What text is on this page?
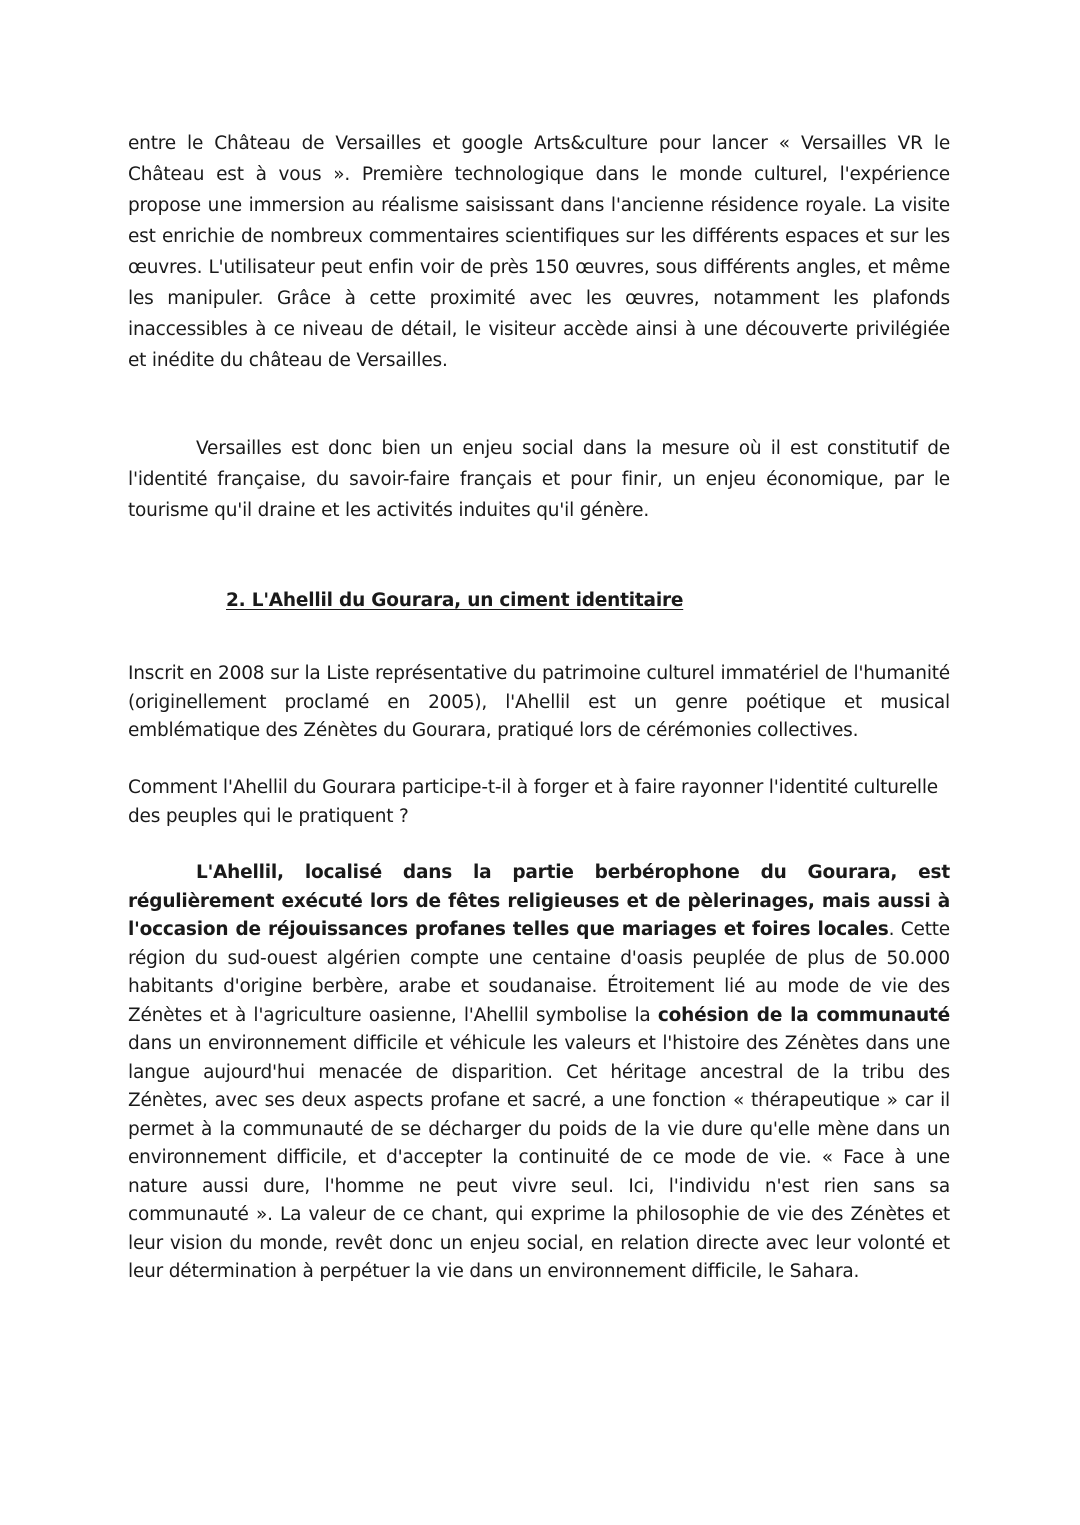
entre le Château de Versailles et google Arts&culture pour lancer « Versailles VR le Château est à vous ». Première technologique dans le monde culturel, l'expérience propose une immersion au réalisme saisissant dans l'ancienne résidence royale. La visite est enrichie de nombreux commentaires scientifiques sur les différents espaces et sur les œuvres. L'utilisateur peut enfin voir de près 150 œuvres, sous différents angles, et même les manipuler. Grâce à cette proximité avec les œuvres, notamment les plafonds inaccessibles à ce niveau de détail, le visiteur accède ainsi à une découverte privilégiée et inédite du château de Versailles.

Versailles est donc bien un enjeu social dans la mesure où il est constitutif de l'identité française, du savoir-faire français et pour finir, un enjeu économique, par le tourisme qu'il draine et les activités induites qu'il génère.

2. L'Ahellil du Gourara, un ciment identitaire

Inscrit en 2008 sur la Liste représentative du patrimoine culturel immatériel de l'humanité (originellement proclamé en 2005), l'Ahellil est un genre poétique et musical emblématique des Zénètes du Gourara, pratiqué lors de cérémonies collectives.

Comment l'Ahellil du Gourara participe-t-il à forger et à faire rayonner l'identité culturelle des peuples qui le pratiquent ?

L'Ahellil, localisé dans la partie berbérophone du Gourara, est régulièrement exécuté lors de fêtes religieuses et de pèlerinages, mais aussi à l'occasion de réjouissances profanes telles que mariages et foires locales. Cette région du sud-ouest algérien compte une centaine d'oasis peuplée de plus de 50.000 habitants d'origine berbère, arabe et soudanaise. Étroitement lié au mode de vie des Zénètes et à l'agriculture oasienne, l'Ahellil symbolise la cohésion de la communauté dans un environnement difficile et véhicule les valeurs et l'histoire des Zénètes dans une langue aujourd'hui menacée de disparition. Cet héritage ancestral de la tribu des Zénètes, avec ses deux aspects profane et sacré, a une fonction « thérapeutique » car il permet à la communauté de se décharger du poids de la vie dure qu'elle mène dans un environnement difficile, et d'accepter la continuité de ce mode de vie. « Face à une nature aussi dure, l'homme ne peut vivre seul. Ici, l'individu n'est rien sans sa communauté ». La valeur de ce chant, qui exprime la philosophie de vie des Zénètes et leur vision du monde, revêt donc un enjeu social, en relation directe avec leur volonté et leur détermination à perpétuer la vie dans un environnement difficile, le Sahara.
